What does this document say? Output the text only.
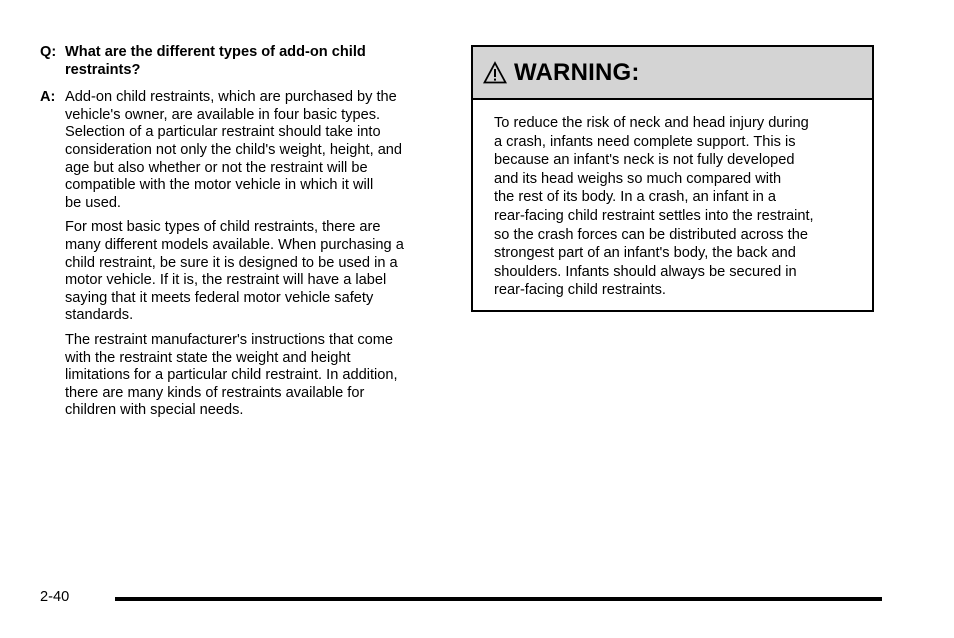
Q: What are the different types of add-on child
restraints?
A: Add-on child restraints, which are purchased by the
vehicle's owner, are available in four basic types.
Selection of a particular restraint should take into
consideration not only the child's weight, height, and
age but also whether or not the restraint will be
compatible with the motor vehicle in which it will
be used.
For most basic types of child restraints, there are
many different models available. When purchasing a
child restraint, be sure it is designed to be used in a
motor vehicle. If it is, the restraint will have a label
saying that it meets federal motor vehicle safety
standards.
The restraint manufacturer's instructions that come
with the restraint state the weight and height
limitations for a particular child restraint. In addition,
there are many kinds of restraints available for
children with special needs.
WARNING:
To reduce the risk of neck and head injury during
a crash, infants need complete support. This is
because an infant's neck is not fully developed
and its head weighs so much compared with
the rest of its body. In a crash, an infant in a
rear-facing child restraint settles into the restraint,
so the crash forces can be distributed across the
strongest part of an infant's body, the back and
shoulders. Infants should always be secured in
rear-facing child restraints.
2-40
